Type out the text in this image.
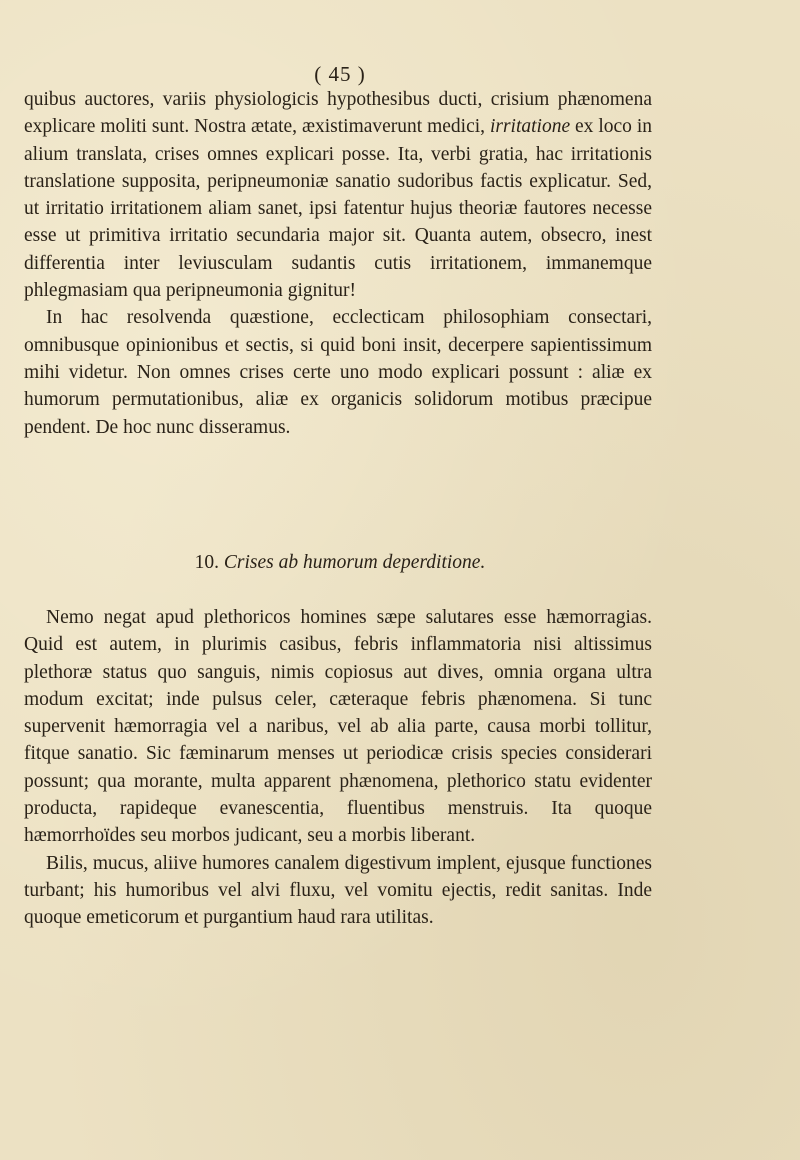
( 45 )

quibus auctores, variis physiologicis hypothesibus ducti, crisium phænomena explicare moliti sunt. Nostra ætate, æxistimaverunt medici, irritatione ex loco in alium translata, crises omnes explicari posse. Ita, verbi gratia, hac irritationis translatione supposita, peripneumoniæ sanatio sudoribus factis explicatur. Sed, ut irritatio irritationem aliam sanet, ipsi fatentur hujus theoriæ fautores necesse esse ut primitiva irritatio secundaria major sit. Quanta autem, obsecro, inest differentia inter leviusculam sudantis cutis irritationem, immanemque phlegmasiam qua peripneumonia gignitur!

In hac resolvenda quæstione, ecclecticam philosophiam consectari, omnibusque opinionibus et sectis, si quid boni insit, decerpere sapientissimum mihi videtur. Non omnes crises certe uno modo explicari possunt : aliæ ex humorum permutationibus, aliæ ex organicis solidorum motibus præcipue pendent. De hoc nunc disseramus.

10. Crises ab humorum deperditione.

Nemo negat apud plethoricos homines sæpe salutares esse hæmorragias. Quid est autem, in plurimis casibus, febris inflammatoria nisi altissimus plethoræ status quo sanguis, nimis copiosus aut dives, omnia organa ultra modum excitat; inde pulsus celer, cæteraque febris phænomena. Si tunc supervenit hæmorragia vel a naribus, vel ab alia parte, causa morbi tollitur, fitque sanatio. Sic fæminarum menses ut periodicæ crisis species considerari possunt; qua morante, multa apparent phænomena, plethorico statu evidenter producta, rapideque evanescentia, fluentibus menstruis. Ita quoque hæmorrhoïdes seu morbos judicant, seu a morbis liberant.

Bilis, mucus, aliive humores canalem digestivum implent, ejusque functiones turbant; his humoribus vel alvi fluxu, vel vomitu ejectis, redit sanitas. Inde quoque emeticorum et purgantium haud rara utilitas.
